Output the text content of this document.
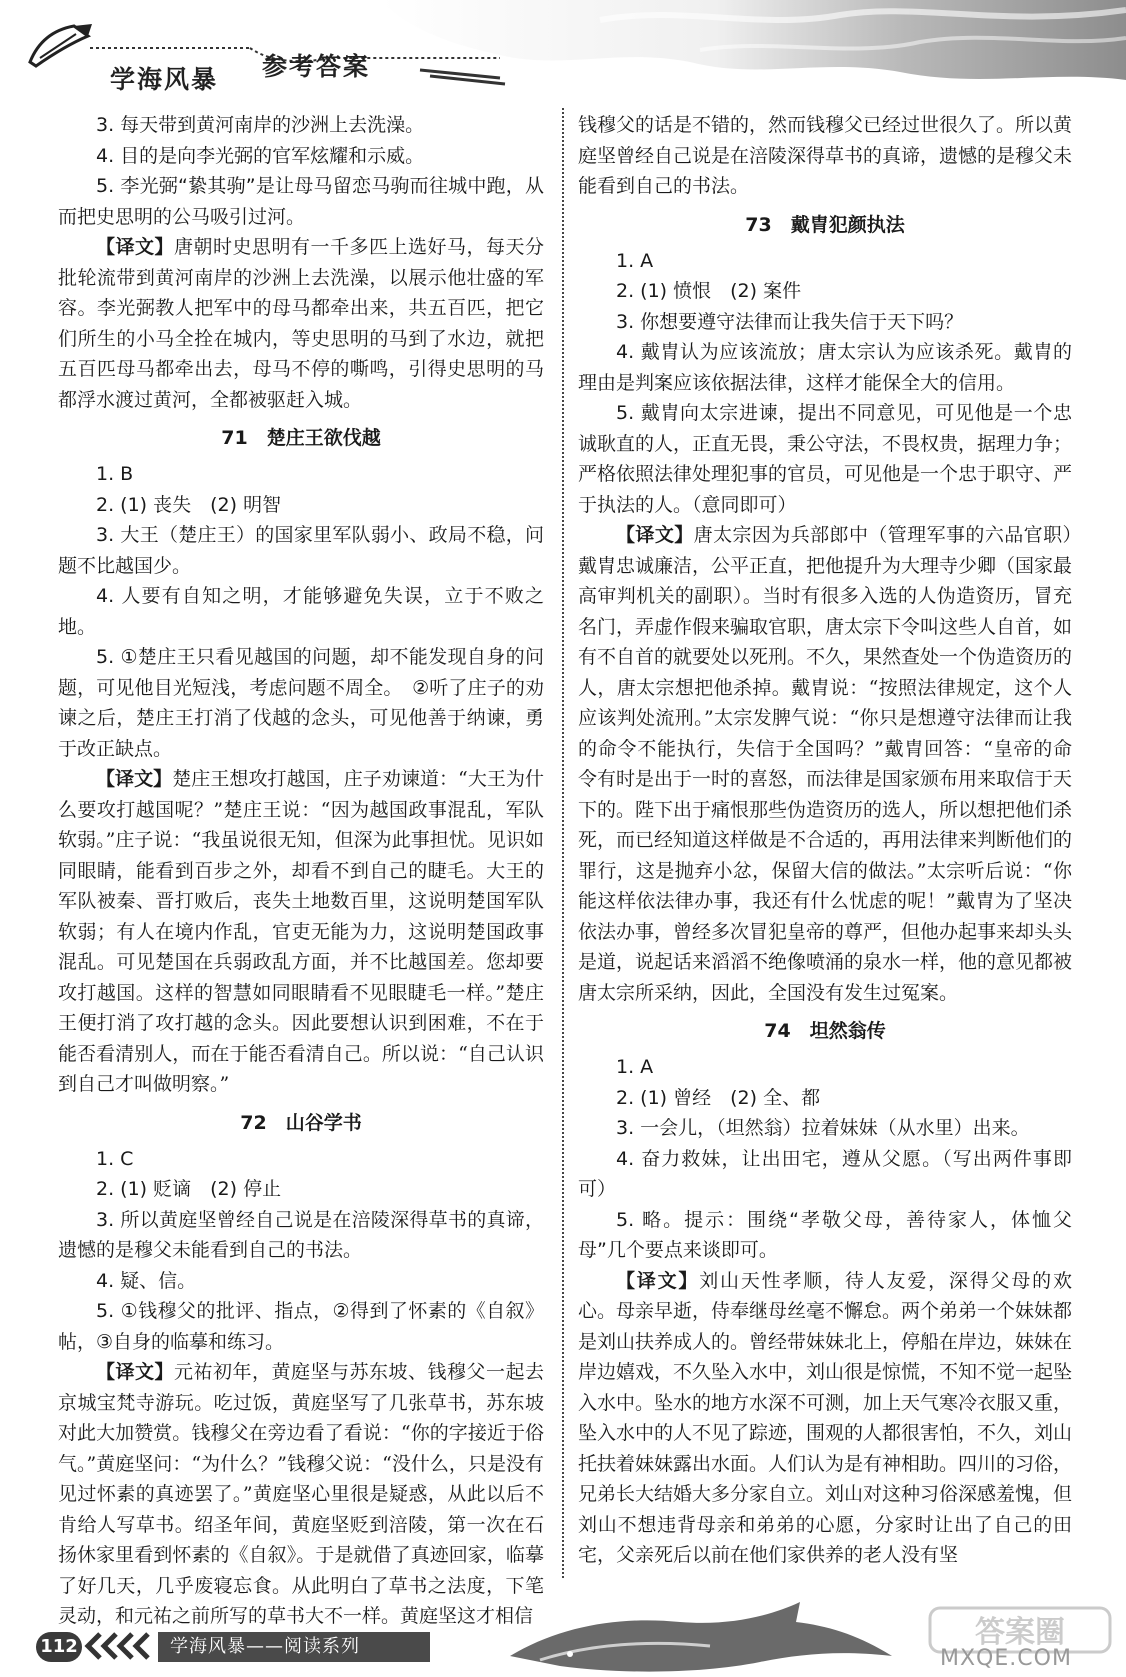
参考答案
学海风暴

3. 每天带到黄河南岸的沙洲上去洗澡。

4. 目的是向李光弼的官军炫耀和示威。

5. 李光弼“絷其驹”是让母马留恋马驹而往城中跑，从而把史思明的公马吸引过河。

【译文】唐朝时史思明有一千多匹上选好马，每天分批轮流带到黄河南岸的沙洲上去洗澡，以展示他壮盛的军容。李光弼教人把军中的母马都牵出来，共五百匹，把它们所生的小马全拴在城内，等史思明的马到了水边，就把五百匹母马都牵出去，母马不停的嘶鸣，引得史思明的马都浮水渡过黄河，全都被驱赶入城。

71　楚庄王欲伐越

1. B

2. (1) 丧失　(2) 明智

3. 大王（楚庄王）的国家里军队弱小、政局不稳，问题不比越国少。

4. 人要有自知之明，才能够避免失误，立于不败之地。

5. ①楚庄王只看见越国的问题，却不能发现自身的问题，可见他目光短浅，考虑问题不周全。　②听了庄子的劝谏之后，楚庄王打消了伐越的念头，可见他善于纳谏，勇于改正缺点。

【译文】楚庄王想攻打越国，庄子劝谏道：“大王为什么要攻打越国呢？”楚庄王说：“因为越国政事混乱，军队软弱。”庄子说：“我虽说很无知，但深为此事担忧。见识如同眼睛，能看到百步之外，却看不到自己的睫毛。大王的军队被秦、晋打败后，丧失土地数百里，这说明楚国军队软弱；有人在境内作乱，官吏无能为力，这说明楚国政事混乱。可见楚国在兵弱政乱方面，并不比越国差。您却要攻打越国。这样的智慧如同眼睛看不见眼睫毛一样。”楚庄王便打消了攻打越的念头。因此要想认识到困难，不在于能否看清别人，而在于能否看清自己。所以说：“自己认识到自己才叫做明察。”

72　山谷学书

1. C

2. (1) 贬谪　(2) 停止

3. 所以黄庭坚曾经自己说是在涪陵深得草书的真谛，遗憾的是穆父未能看到自己的书法。

4. 疑、信。

5. ①钱穆父的批评、指点，②得到了怀素的《自叙》帖，③自身的临摹和练习。

【译文】元祐初年，黄庭坚与苏东坡、钱穆父一起去京城宝梵寺游玩。吃过饭，黄庭坚写了几张草书，苏东坡对此大加赞赏。钱穆父在旁边看了看说：“你的字接近于俗气。”黄庭坚问：“为什么？”钱穆父说：“没什么，只是没有见过怀素的真迹罢了。”黄庭坚心里很是疑惑，从此以后不肯给人写草书。绍圣年间，黄庭坚贬到涪陵，第一次在石扬休家里看到怀素的《自叙》。于是就借了真迹回家，临摹了好几天，几乎废寝忘食。从此明白了草书之法度，下笔灵动，和元祐之前所写的草书大不一样。黄庭坚这才相信

钱穆父的话是不错的，然而钱穆父已经过世很久了。所以黄庭坚曾经自己说是在涪陵深得草书的真谛，遗憾的是穆父未能看到自己的书法。

73　戴胄犯颜执法

1. A

2. (1) 愤恨　(2) 案件

3. 你想要遵守法律而让我失信于天下吗？

4. 戴胄认为应该流放；唐太宗认为应该杀死。戴胄的理由是判案应该依据法律，这样才能保全大的信用。

5. 戴胄向太宗进谏，提出不同意见，可见他是一个忠诚耿直的人，正直无畏，秉公守法，不畏权贵，据理力争；严格依照法律处理犯事的官员，可见他是一个忠于职守、严于执法的人。（意同即可）

【译文】唐太宗因为兵部郎中（管理军事的六品官职）戴胄忠诚廉洁，公平正直，把他提升为大理寺少卿（国家最高审判机关的副职）。当时有很多入选的人伪造资历，冒充名门，弄虚作假来骗取官职，唐太宗下令叫这些人自首，如有不自首的就要处以死刑。不久，果然查处一个伪造资历的人，唐太宗想把他杀掉。戴胄说：“按照法律规定，这个人应该判处流刑。”太宗发脾气说：“你只是想遵守法律而让我的命令不能执行，失信于全国吗？”戴胄回答：“皇帝的命令有时是出于一时的喜怒，而法律是国家颁布用来取信于天下的。陛下出于痛恨那些伪造资历的选人，所以想把他们杀死，而已经知道这样做是不合适的，再用法律来判断他们的罪行，这是抛弃小忿，保留大信的做法。”太宗听后说：“你能这样依法律办事，我还有什么忧虑的呢！”戴胄为了坚决依法办事，曾经多次冒犯皇帝的尊严，但他办起事来却头头是道，说起话来滔滔不绝像喷涌的泉水一样，他的意见都被唐太宗所采纳，因此，全国没有发生过冤案。

74　坦然翁传

1. A

2. (1) 曾经　(2) 全、都

3. 一会儿，（坦然翁）拉着妹妹（从水里）出来。

4. 奋力救妹，让出田宅，遵从父愿。（写出两件事即可）

5. 略。提示：围绕“孝敬父母，善待家人，体恤父母”几个要点来谈即可。

【译文】刘山天性孝顺，待人友爱，深得父母的欢心。母亲早逝，侍奉继母丝毫不懈怠。两个弟弟一个妹妹都是刘山扶养成人的。曾经带妹妹北上，停船在岸边，妹妹在岸边嬉戏，不久坠入水中，刘山很是惊慌，不知不觉一起坠入水中。坠水的地方水深不可测，加上天气寒冷衣服又重，坠入水中的人不见了踪迹，围观的人都很害怕，不久，刘山托扶着妹妹露出水面。人们认为是有神相助。四川的习俗，兄弟长大结婚大多分家自立。刘山对这种习俗深感羞愧，但刘山不想违背母亲和弟弟的心愿，分家时让出了自己的田宅，父亲死后以前在他们家供养的老人没有坚

112	学海风暴——阅读系列	答案圈
MXQE.COM
